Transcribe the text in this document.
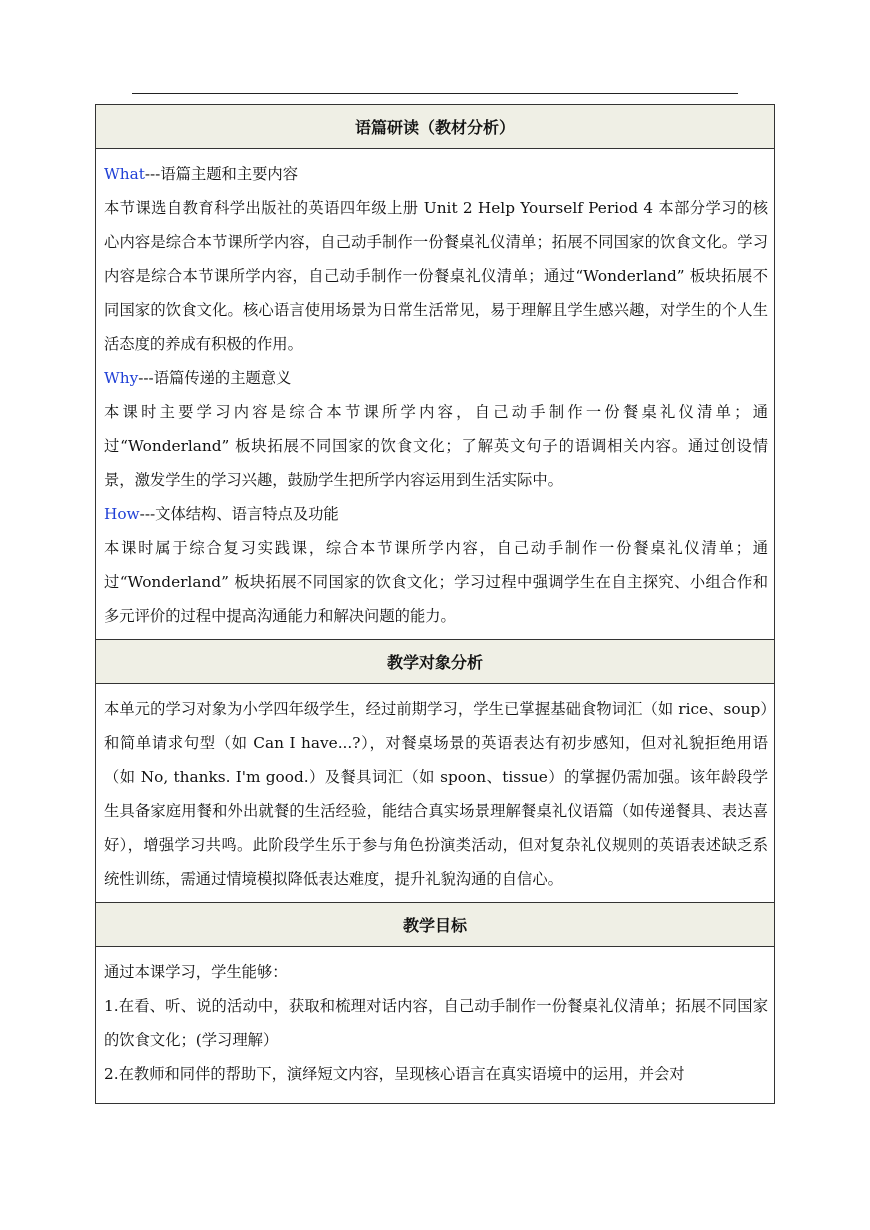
语篇研读（教材分析）

What---语篇主题和主要内容

本节课选自教育科学出版社的英语四年级上册 Unit 2 Help Yourself Period 4 本部分学习的核心内容是综合本节课所学内容，自己动手制作一份餐桌礼仪清单；拓展不同国家的饮食文化。学习内容是综合本节课所学内容，自己动手制作一份餐桌礼仪清单；通过“Wonderland” 板块拓展不同国家的饮食文化。核心语言使用场景为日常生活常见，易于理解且学生感兴趣，对学生的个人生活态度的养成有积极的作用。

Why---语篇传递的主题意义

本课时主要学习内容是综合本节课所学内容，自己动手制作一份餐桌礼仪清单；通过“Wonderland” 板块拓展不同国家的饮食文化；了解英文句子的语调相关内容。通过创设情景，激发学生的学习兴趣，鼓励学生把所学内容运用到生活实际中。

How---文体结构、语言特点及功能

本课时属于综合复习实践课，综合本节课所学内容，自己动手制作一份餐桌礼仪清单；通过“Wonderland” 板块拓展不同国家的饮食文化；学习过程中强调学生在自主探究、小组合作和多元评价的过程中提高沟通能力和解决问题的能力。

教学对象分析

本单元的学习对象为小学四年级学生，经过前期学习，学生已掌握基础食物词汇（如 rice、soup）和简单请求句型（如 Can I have...?），对餐桌场景的英语表达有初步感知，但对礼貌拒绝用语（如 No, thanks. I'm good.）及餐具词汇（如 spoon、tissue）的掌握仍需加强。该年龄段学生具备家庭用餐和外出就餐的生活经验，能结合真实场景理解餐桌礼仪语篇（如传递餐具、表达喜好），增强学习共鸣。此阶段学生乐于参与角色扮演类活动，但对复杂礼仪规则的英语表述缺乏系统性训练，需通过情境模拟降低表达难度，提升礼貌沟通的自信心。

教学目标

通过本课学习，学生能够：

1.在看、听、说的活动中，获取和梳理对话内容，自己动手制作一份餐桌礼仪清单；拓展不同国家的饮食文化；(学习理解）

2.在教师和同伴的帮助下，演绎短文内容，呈现核心语言在真实语境中的运用，并会对
